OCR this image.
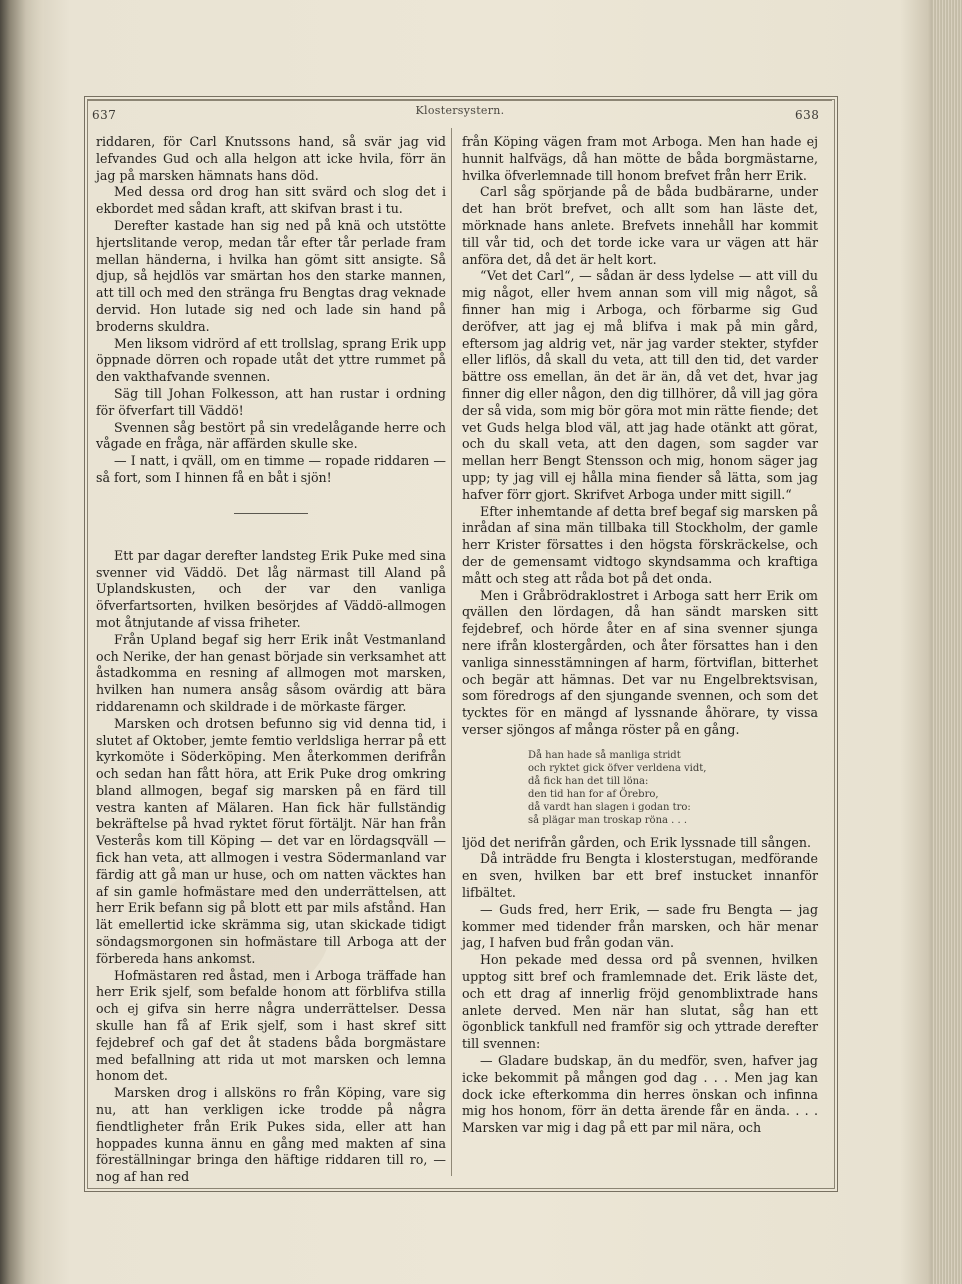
637	Klostersystern.	638

riddaren, för Carl Knutssons hand, så svär jag vid lefvandes Gud och alla helgon att icke hvila, förr än jag på marsken hämnats hans död.

Med dessa ord drog han sitt svärd och slog det i ekbordet med sådan kraft, att skifvan brast i tu.

Derefter kastade han sig ned på knä och utstötte hjertslitande verop, medan tår efter tår perlade fram mellan händerna, i hvilka han gömt sitt ansigte. Så djup, så hejdlös var smärtan hos den starke mannen, att till och med den stränga fru Bengtas drag veknade dervid. Hon lutade sig ned och lade sin hand på broderns skuldra.

Men liksom vidrörd af ett trollslag, sprang Erik upp öppnade dörren och ropade utåt det yttre rummet på den vakthafvande svennen.

Säg till Johan Folkesson, att han rustar i ordning för öfverfart till Väddö!

Svennen såg bestört på sin vredelågande herre och vågade en fråga, när affärden skulle ske.

— I natt, i qväll, om en timme — ropade riddaren — så fort, som I hinnen få en båt i sjön!

Ett par dagar derefter landsteg Erik Puke med sina svenner vid Väddö. Det låg närmast till Aland på Uplandskusten, och der var den vanliga öfverfartsorten, hvilken besörjdes af Väddö-allmogen mot åtnjutande af vissa friheter.

Från Upland begaf sig herr Erik inåt Vestmanland och Nerike, der han genast började sin verksamhet att åstadkomma en resning af allmogen mot marsken, hvilken han numera ansåg såsom ovärdig att bära riddarenamn och skildrade i de mörkaste färger.

Marsken och drotsen befunno sig vid denna tid, i slutet af Oktober, jemte femtio verldsliga herrar på ett kyrkomöte i Söderköping. Men återkommen derifrån och sedan han fått höra, att Erik Puke drog omkring bland allmogen, begaf sig marsken på en färd till vestra kanten af Mälaren. Han fick här fullständig bekräftelse på hvad ryktet förut förtäljt. När han från Vesterås kom till Köping — det var en lördagsqväll — fick han veta, att allmogen i vestra Södermanland var färdig att gå man ur huse, och om natten väcktes han af sin gamle hofmästare med den underrättelsen, att herr Erik befann sig på blott ett par mils afstånd. Han lät emellertid icke skrämma sig, utan skickade tidigt söndagsmorgonen sin hofmästare till Arboga att der förbereda hans ankomst.

Hofmästaren red åstad, men i Arboga träffade han herr Erik sjelf, som befalde honom att förblifva stilla och ej gifva sin herre några underrättelser. Dessa skulle han få af Erik sjelf, som i hast skref sitt fejdebref och gaf det åt stadens båda borgmästare med befallning att rida ut mot marsken och lemna honom det.

Marsken drog i allsköns ro från Köping, vare sig nu, att han verkligen icke trodde på några fiendtligheter från Erik Pukes sida, eller att han hoppades kunna ännu en gång med makten af sina föreställningar bringa den häftige riddaren till ro, — nog af han red

från Köping vägen fram mot Arboga. Men han hade ej hunnit halfvägs, då han mötte de båda borgmästarne, hvilka öfverlemnade till honom brefvet från herr Erik.

Carl såg spörjande på de båda budbärarne, under det han bröt brefvet, och allt som han läste det, mörknade hans anlete. Brefvets innehåll har kommit till vår tid, och det torde icke vara ur vägen att här anföra det, då det är helt kort.

“Vet det Carl“, — sådan är dess lydelse — att vill du mig något, eller hvem annan som vill mig något, så finner han mig i Arboga, och förbarme sig Gud deröfver, att jag ej må blifva i mak på min gård, eftersom jag aldrig vet, när jag varder stekter, styfder eller liflös, då skall du veta, att till den tid, det varder bättre oss emellan, än det är än, då vet det, hvar jag finner dig eller någon, den dig tillhörer, då vill jag göra der så vida, som mig bör göra mot min rätte fiende; det vet Guds helga blod väl, att jag hade otänkt att görat, och du skall veta, att den dagen, som sagder var mellan herr Bengt Stensson och mig, honom säger jag upp; ty jag vill ej hålla mina fiender så lätta, som jag hafver förr gjort. Skrifvet Arboga under mitt sigill.“

Efter inhemtande af detta bref begaf sig marsken på inrådan af sina män tillbaka till Stockholm, der gamle herr Krister försattes i den högsta förskräckelse, och der de gemensamt vidtogo skyndsamma och kraftiga mått och steg att råda bot på det onda.

Men i Gråbrödraklostret i Arboga satt herr Erik om qvällen den lördagen, då han sändt marsken sitt fejdebref, och hörde åter en af sina svenner sjunga nere ifrån klostergården, och åter försattes han i den vanliga sinnesstämningen af harm, förtviflan, bitterhet och begär att hämnas. Det var nu Engelbrektsvisan, som föredrogs af den sjungande svennen, och som det tycktes för en mängd af lyssnande åhörare, ty vissa verser sjöngos af många röster på en gång.

Då han hade så manliga stridt
och ryktet gick öfver verldena vidt,
då fick han det till löna:
den tid han for af Örebro,
då vardt han slagen i godan tro:
så plägar man troskap röna . . .

ljöd det nerifrån gården, och Erik lyssnade till sången.

Då inträdde fru Bengta i klosterstugan, medförande en sven, hvilken bar ett bref instucket innanför lifbältet.

— Guds fred, herr Erik, — sade fru Bengta — jag kommer med tidender från marsken, och här menar jag, I hafven bud från godan vän.

Hon pekade med dessa ord på svennen, hvilken upptog sitt bref och framlemnade det. Erik läste det, och ett drag af innerlig fröjd genomblixtrade hans anlete derved. Men när han slutat, såg han ett ögonblick tankfull ned framför sig och yttrade derefter till svennen:

— Gladare budskap, än du medför, sven, hafver jag icke bekommit på mången god dag . . . Men jag kan dock icke efterkomma din herres önskan och infinna mig hos honom, förr än detta ärende får en ända. . . . Marsken var mig i dag på ett par mil nära, och
